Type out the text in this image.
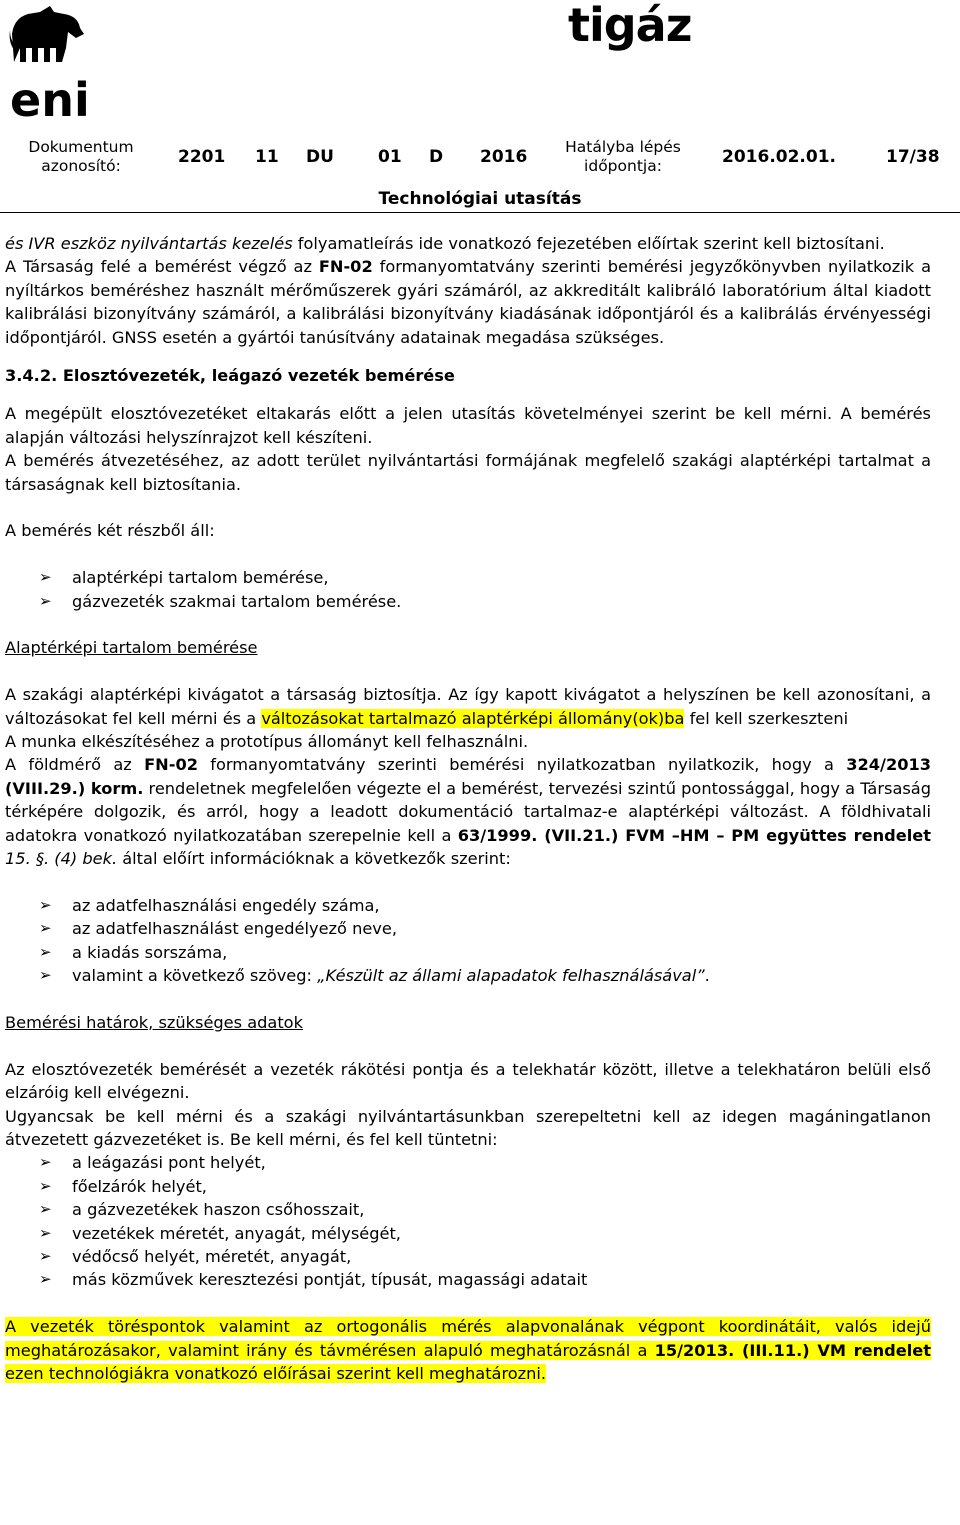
eni
tigáz
Dokumentum
azonosító:	2201 11 DU	01 D 2016	Hatályba lépés
időpontja:	2016.02.01.	17/38
Technológiai utasítás

és IVR eszköz nyilvántartás kezelés folyamatleírás ide vonatkozó fejezetében előírtak szerint kell biztosítani.

A Társaság felé a bemérést végző az FN-02 formanyomtatvány szerinti bemérési jegyzőkönyvben nyilatkozik a nyíltárkos beméréshez használt mérőműszerek gyári számáról, az akkreditált kalibráló laboratórium által kiadott kalibrálási bizonyítvány számáról, a kalibrálási bizonyítvány kiadásának időpontjáról és a kalibrálás érvényességi időpontjáról. GNSS esetén a gyártói tanúsítvány adatainak megadása szükséges.

3.4.2. Elosztóvezeték, leágazó vezeték bemérése

A megépült elosztóvezetéket eltakarás előtt a jelen utasítás követelményei szerint be kell mérni. A bemérés alapján változási helyszínrajzot kell készíteni.

A bemérés átvezetéséhez, az adott terület nyilvántartási formájának megfelelő szakági alaptérképi tartalmat a társaságnak kell biztosítania.

A bemérés két részből áll:

➢ alaptérképi tartalom bemérése,
➢ gázvezeték szakmai tartalom bemérése.

Alaptérképi tartalom bemérése

A szakági alaptérképi kivágatot a társaság biztosítja. Az így kapott kivágatot a helyszínen be kell azonosítani, a változásokat fel kell mérni és a változásokat tartalmazó alaptérképi állomány(ok)ba fel kell szerkeszteni

A munka elkészítéséhez a prototípus állományt kell felhasználni.

A földmérő az FN-02 formanyomtatvány szerinti bemérési nyilatkozatban nyilatkozik, hogy a 324/2013 (VIII.29.) korm. rendeletnek megfelelően végezte el a bemérést, tervezési szintű pontossággal, hogy a Társaság térképére dolgozik, és arról, hogy a leadott dokumentáció tartalmaz-e alaptérképi változást. A földhivatali adatokra vonatkozó nyilatkozatában szerepelnie kell a 63/1999. (VII.21.) FVM –HM – PM együttes rendelet 15. §. (4) bek. által előírt információknak a következők szerint:

➢ az adatfelhasználási engedély száma,
➢ az adatfelhasználást engedélyező neve,
➢ a kiadás sorszáma,
➢ valamint a következő szöveg: „Készült az állami alapadatok felhasználásával”.

Bemérési határok, szükséges adatok

Az elosztóvezeték bemérését a vezeték rákötési pontja és a telekhatár között, illetve a telekhatáron belüli első elzáróig kell elvégezni.

Ugyancsak be kell mérni és a szakági nyilvántartásunkban szerepeltetni kell az idegen magáningatlanon átvezetett gázvezetéket is. Be kell mérni, és fel kell tüntetni:

➢ a leágazási pont helyét,
➢ főelzárók helyét,
➢ a gázvezetékek haszon csőhosszait,
➢ vezetékek méretét, anyagát, mélységét,
➢ védőcső helyét, méretét, anyagát,
➢ más közművek keresztezési pontját, típusát, magassági adatait

A vezeték töréspontok valamint az ortogonális mérés alapvonalának végpont koordinátáit, valós idejű meghatározásakor, valamint irány és távmérésen alapuló meghatározásnál a 15/2013. (III.11.) VM rendelet ezen technológiákra vonatkozó előírásai szerint kell meghatározni.
